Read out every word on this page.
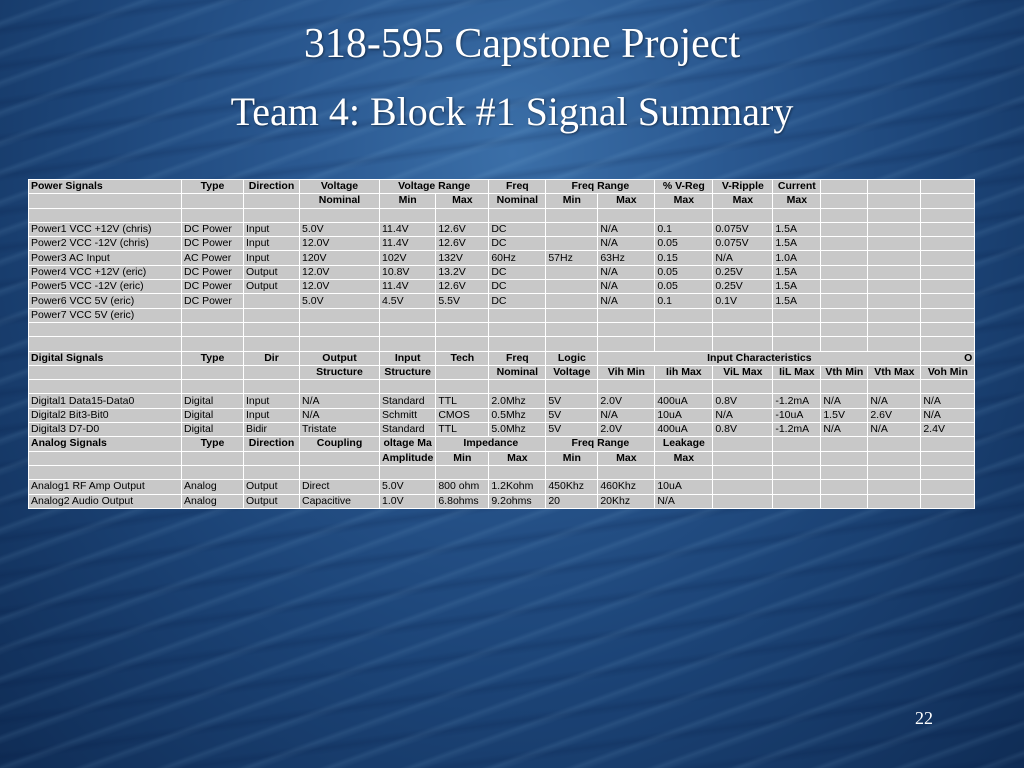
318-595 Capstone Project
Team 4: Block #1 Signal Summary
Power Signals	Type	Direction	Voltage	Voltage Range		Freq	Freq Range		% V-Reg	V-Ripple	Current			
			Nominal	Min	Max	Nominal	Min	Max	Max	Max	Max			

Power1 VCC +12V (chris)	DC Power	Input	5.0V	11.4V	12.6V	DC		N/A	0.1	0.075V	1.5A			
Power2 VCC -12V (chris)	DC Power	Input	12.0V	11.4V	12.6V	DC		N/A	0.05	0.075V	1.5A			
Power3 AC Input	AC Power	Input	120V	102V	132V	60Hz	57Hz	63Hz	0.15	N/A	1.0A			
Power4 VCC +12V (eric)	DC Power	Output	12.0V	10.8V	13.2V	DC		N/A	0.05	0.25V	1.5A			
Power5 VCC -12V (eric)	DC Power	Output	12.0V	11.4V	12.6V	DC		N/A	0.05	0.25V	1.5A			
Power6 VCC 5V (eric)	DC Power		5.0V	4.5V	5.5V	DC		N/A	0.1	0.1V	1.5A			
Power7 VCC 5V (eric)														

Digital Signals	Type	Dir	Output	Input	Tech	Freq	Logic	Input Characteristics						O
			Structure	Structure		Nominal	Voltage	Vih Min	Iih Max	ViL Max	IiL Max	Vth Min	Vth Max	Voh Min

Digital1 Data15-Data0	Digital	Input	N/A	Standard	TTL	2.0Mhz	5V	2.0V	400uA	0.8V	-1.2mA	N/A	N/A	N/A
Digital2 Bit3-Bit0	Digital	Input	N/A	Schmitt	CMOS	0.5Mhz	5V	N/A	10uA	N/A	-10uA	1.5V	2.6V	N/A
Digital3 D7-D0	Digital	Bidir	Tristate	Standard	TTL	5.0Mhz	5V	2.0V	400uA	0.8V	-1.2mA	N/A	N/A	2.4V
Analog Signals	Type	Direction	Coupling	oltage Ma	Impedance		Freq Range		Leakage					
				Amplitude	Min	Max	Min	Max	Max					

Analog1 RF Amp Output	Analog	Output	Direct	5.0V	800 ohm	1.2Kohm	450Khz	460Khz	10uA					
Analog2 Audio Output	Analog	Output	Capacitive	1.0V	6.8ohms	9.2ohms	20	20Khz	N/A					
22
